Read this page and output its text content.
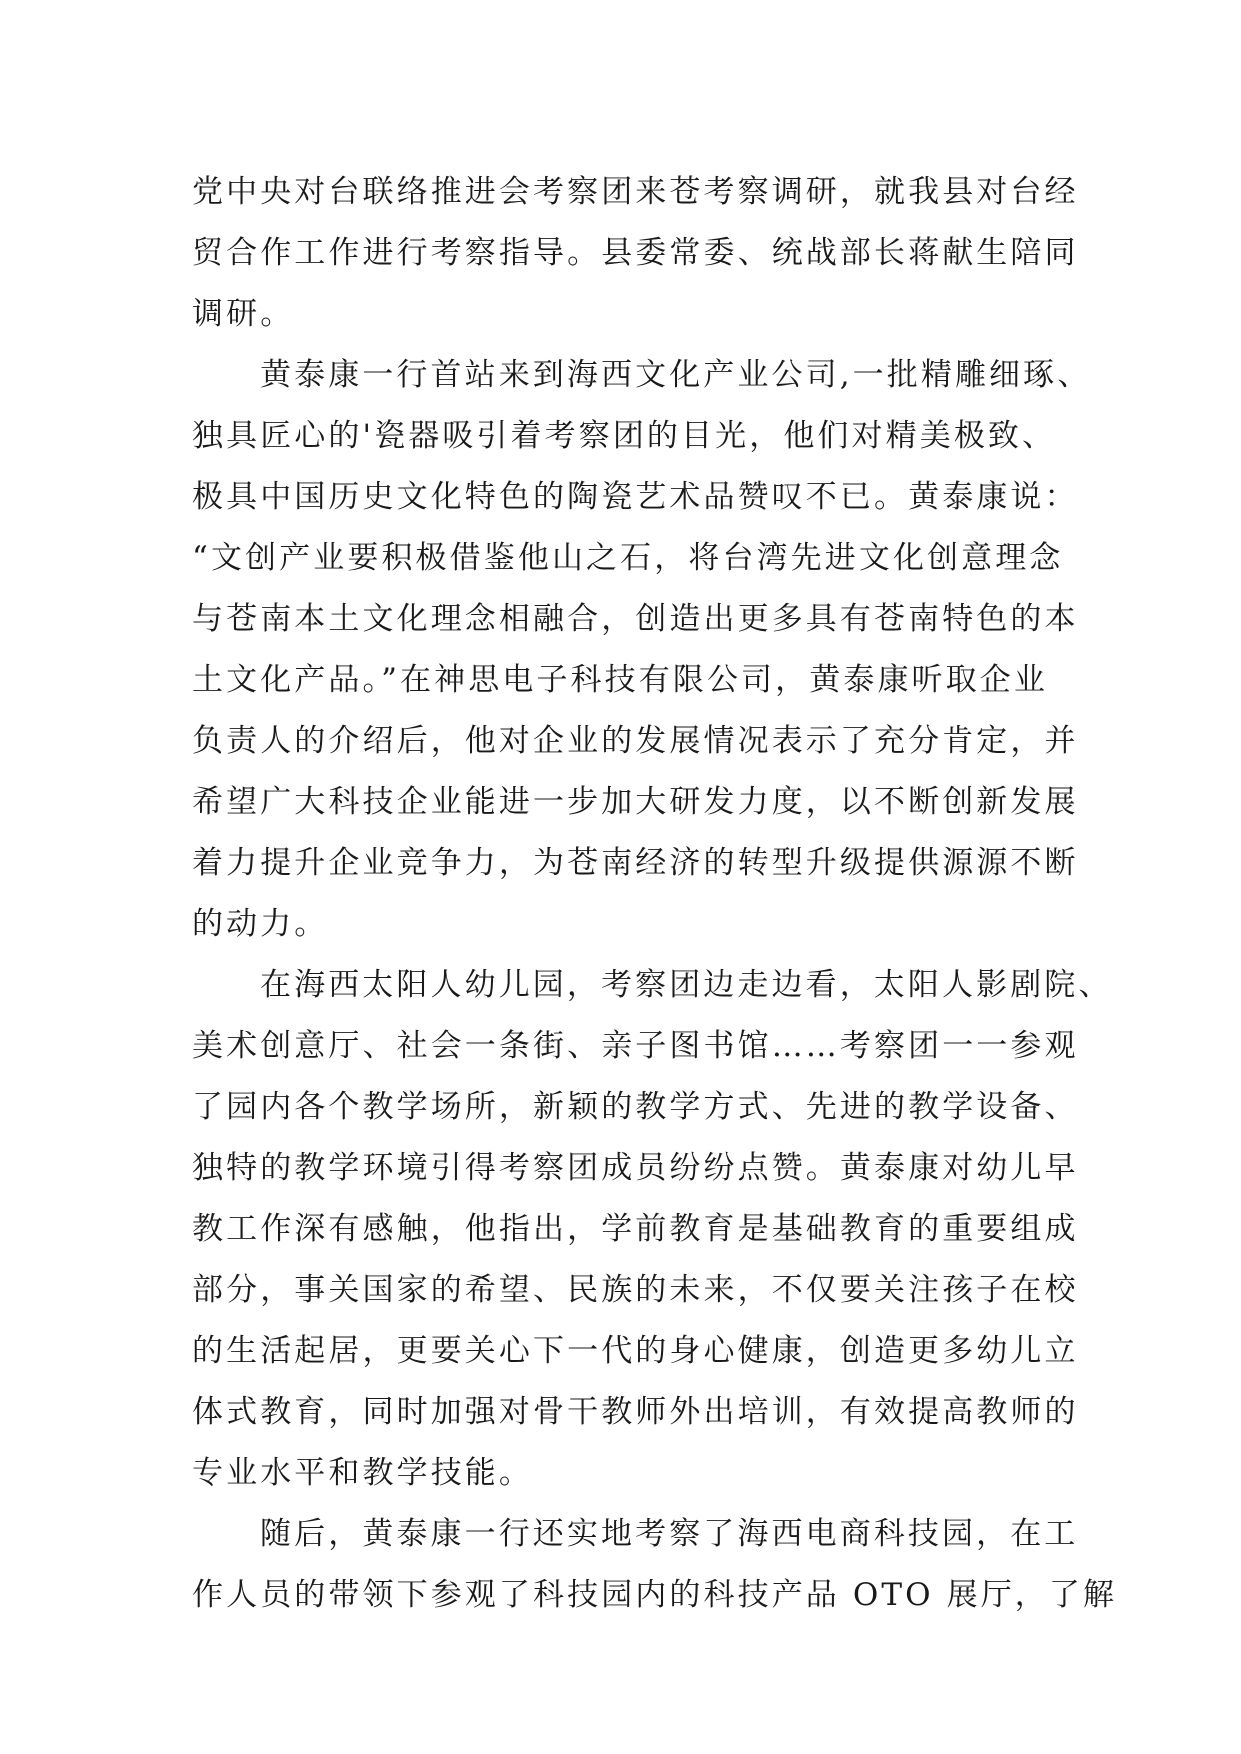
党中央对台联络推进会考察团来苍考察调研，就我县对台经
贸合作工作进行考察指导。县委常委、统战部长蒋献生陪同
调研。
黄泰康一行首站来到海西文化产业公司,一批精雕细琢、
独具匠心的'瓷器吸引着考察团的目光，他们对精美极致、
极具中国历史文化特色的陶瓷艺术品赞叹不已。黄泰康说：
“文创产业要积极借鉴他山之石，将台湾先进文化创意理念
与苍南本土文化理念相融合，创造出更多具有苍南特色的本
土文化产品。”在神思电子科技有限公司，黄泰康听取企业
负责人的介绍后，他对企业的发展情况表示了充分肯定，并
希望广大科技企业能进一步加大研发力度，以不断创新发展
着力提升企业竞争力，为苍南经济的转型升级提供源源不断
的动力。
在海西太阳人幼儿园，考察团边走边看，太阳人影剧院、
美术创意厅、社会一条街、亲子图书馆……考察团一一参观
了园内各个教学场所，新颖的教学方式、先进的教学设备、
独特的教学环境引得考察团成员纷纷点赞。黄泰康对幼儿早
教工作深有感触，他指出，学前教育是基础教育的重要组成
部分，事关国家的希望、民族的未来，不仅要关注孩子在校
的生活起居，更要关心下一代的身心健康，创造更多幼儿立
体式教育，同时加强对骨干教师外出培训，有效提高教师的
专业水平和教学技能。
随后，黄泰康一行还实地考察了海西电商科技园，在工
作人员的带领下参观了科技园内的科技产品 OTO 展厅，了解
